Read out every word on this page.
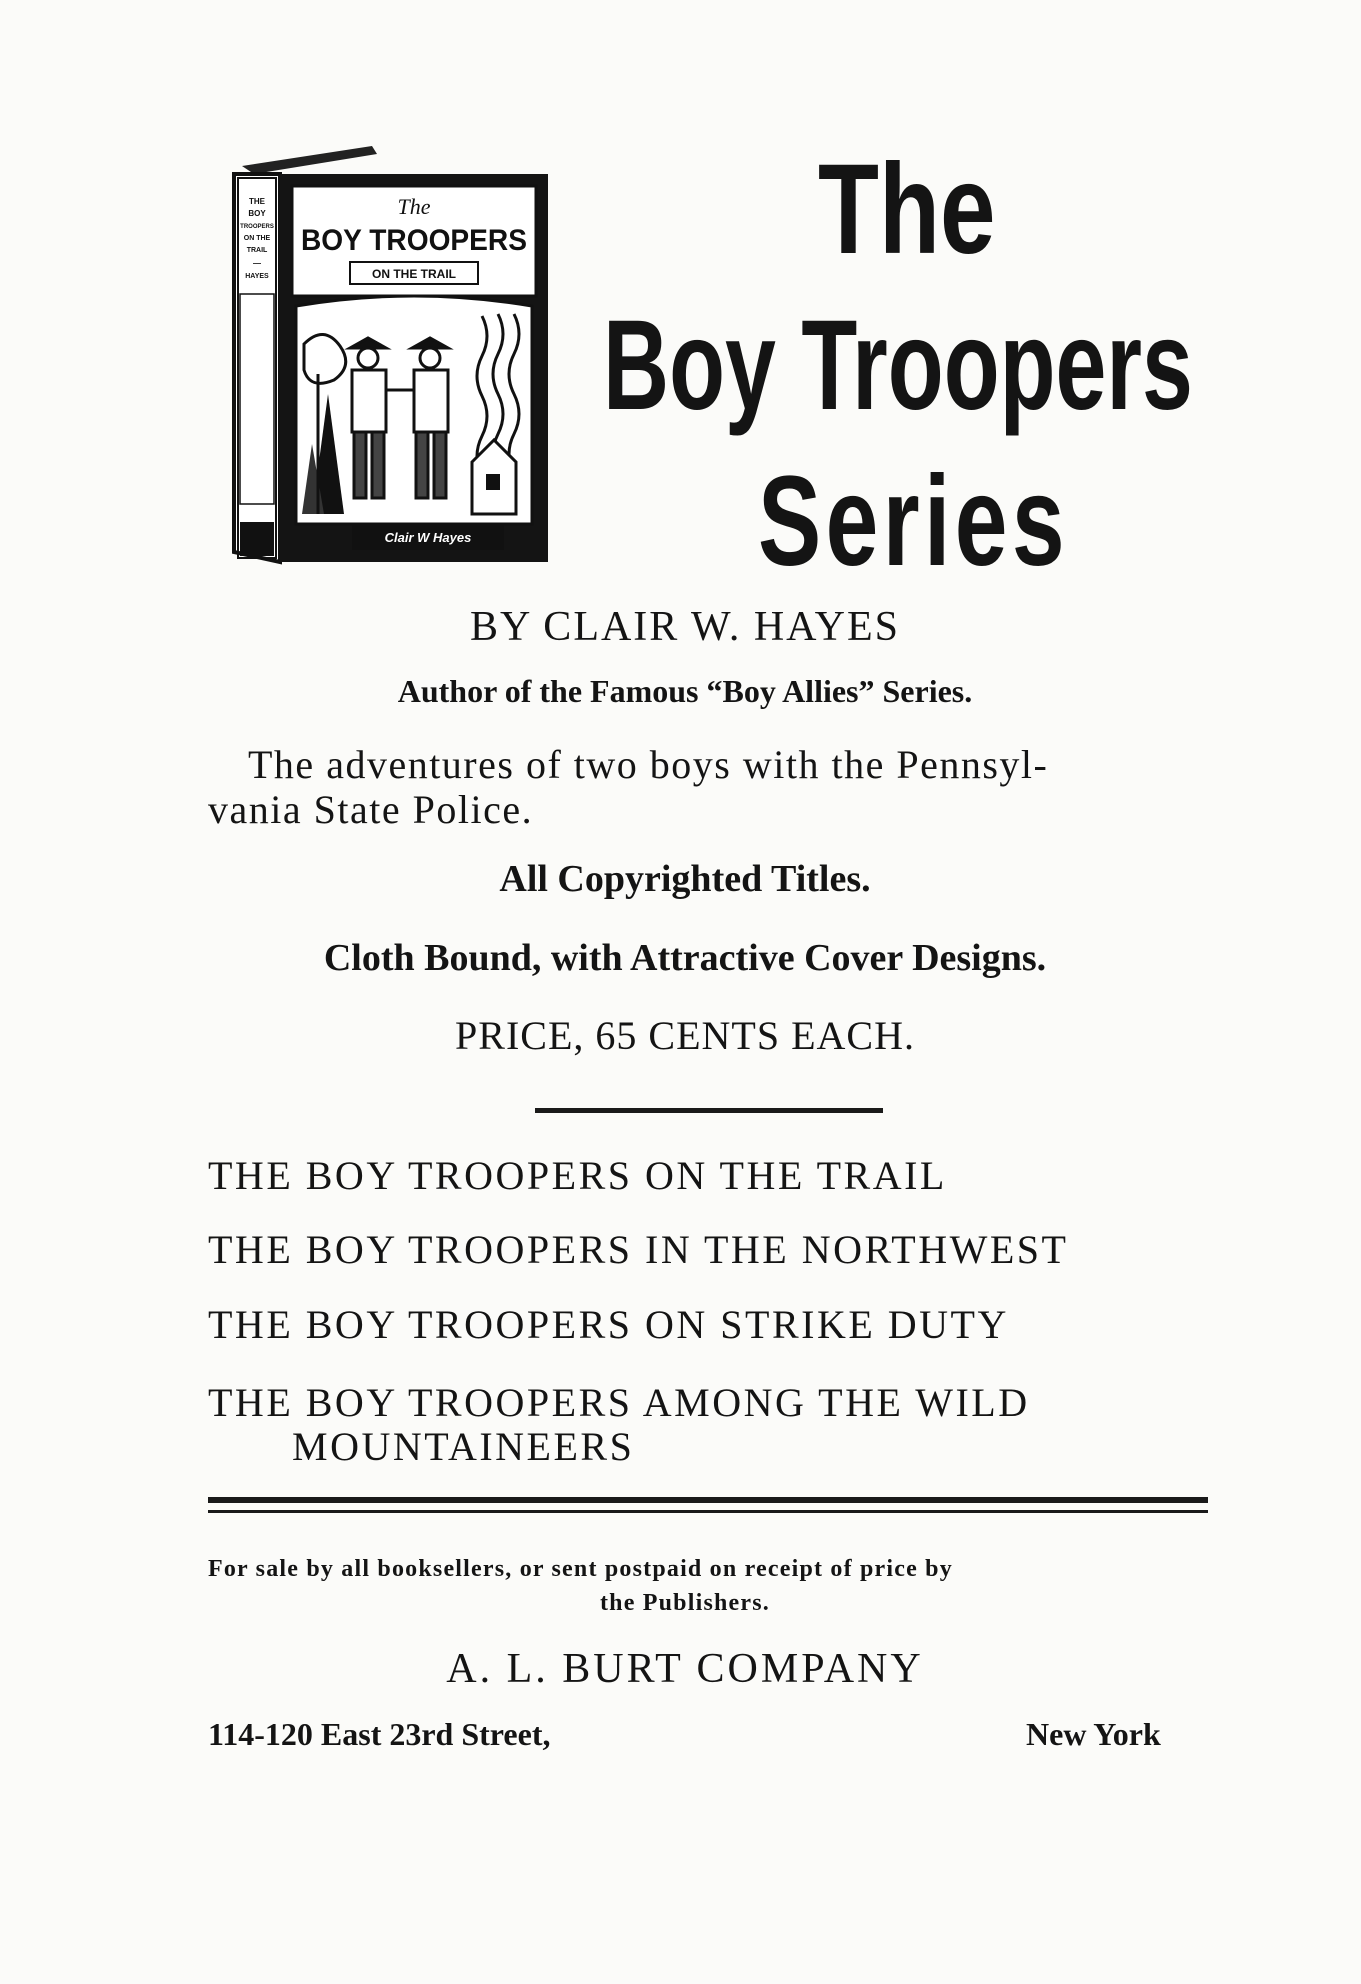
THE
BOY
TROOPERS
ON THE
TRAIL
—
HAYES
The
BOY TROOPERS
ON THE TRAIL
Clair W Hayes
The
Boy Troopers
Series
BY CLAIR W. HAYES
Author of the Famous “Boy Allies” Series.
The adventures of two boys with the Pennsyl-
vania State Police.
All Copyrighted Titles.
Cloth Bound, with Attractive Cover Designs.
PRICE, 65 CENTS EACH.
THE BOY TROOPERS ON THE TRAIL
THE BOY TROOPERS IN THE NORTHWEST
THE BOY TROOPERS ON STRIKE DUTY
THE BOY TROOPERS AMONG THE WILD
MOUNTAINEERS
For sale by all booksellers, or sent postpaid on receipt of price by
the Publishers.
A. L. BURT COMPANY
114-120 East 23rd Street,	New York
